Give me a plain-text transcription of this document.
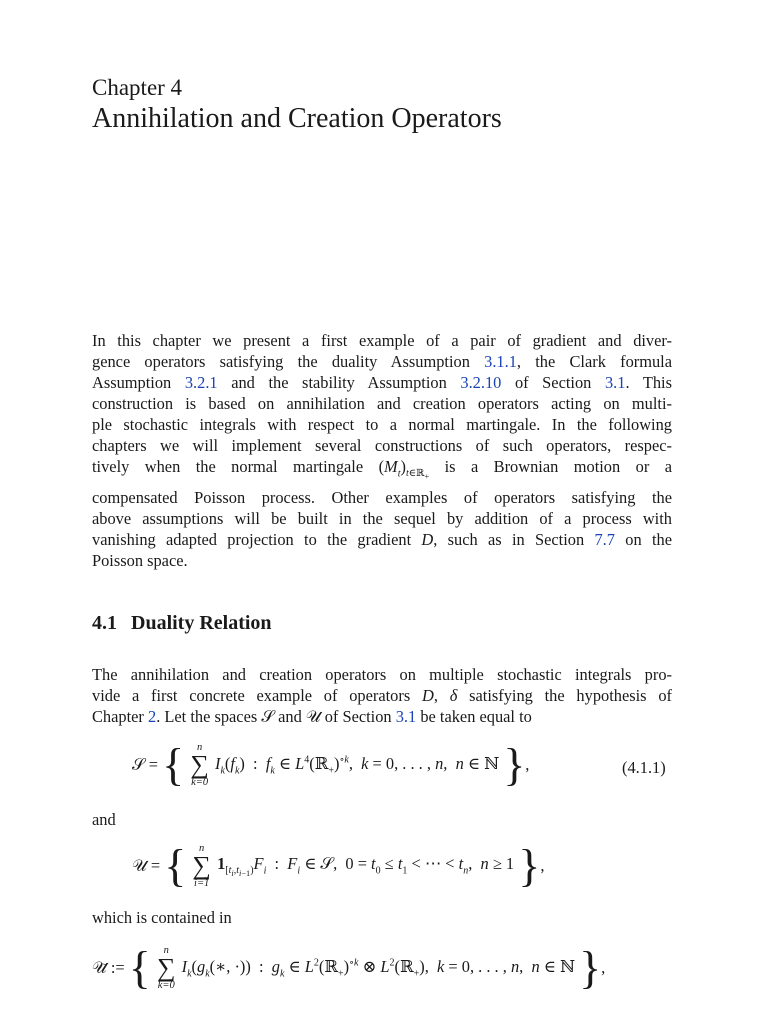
Chapter 4
Annihilation and Creation Operators
In this chapter we present a first example of a pair of gradient and diver-
gence operators satisfying the duality Assumption 3.1.1, the Clark formula
Assumption 3.2.1 and the stability Assumption 3.2.10 of Section 3.1. This
construction is based on annihilation and creation operators acting on multi-
ple stochastic integrals with respect to a normal martingale. In the following
chapters we will implement several constructions of such operators, respec-
tively when the normal martingale $(M_t)_{t\in ℝ_+}$ is a Brownian motion or a
compensated Poisson process. Other examples of operators satisfying the
above assumptions will be built in the sequel by addition of a process with
vanishing adapted projection to the gradient D, such as in Section 7.7 on the
Poisson space.
4.1 Duality Relation
The annihilation and creation operators on multiple stochastic integrals pro-
vide a first concrete example of operators D, δ satisfying the hypothesis of
Chapter 2. Let the spaces 𝒮 and 𝒰 of Section 3.1 be taken equal to
𝒮 = {	n
∑
k=0
$I_k(f_k)$  :  $f_k$ ∈ $L^4(ℝ_+)^{\circ k}$,  k = 0, . . . , n,  n ∈ ℕ },	(4.1.1)
and
𝒰 = {	n
∑
i=1
$1_{[t_i,t_{i-1})}F_i$  :  $F_i$ ∈ 𝒮,  $0 = t_0 \le t_1$ < ⋯ < $t_n$,  n ≥ 1 },
which is contained in
𝒰̃ := {	n
∑
k=0
$I_k(g_k(∗$, ·))  :  $g_k$ ∈ $L^2(ℝ_+)^{\circ k}$ ⊗ $L^2(ℝ_+)$,  k = 0, . . . , n,  n ∈ ℕ },
